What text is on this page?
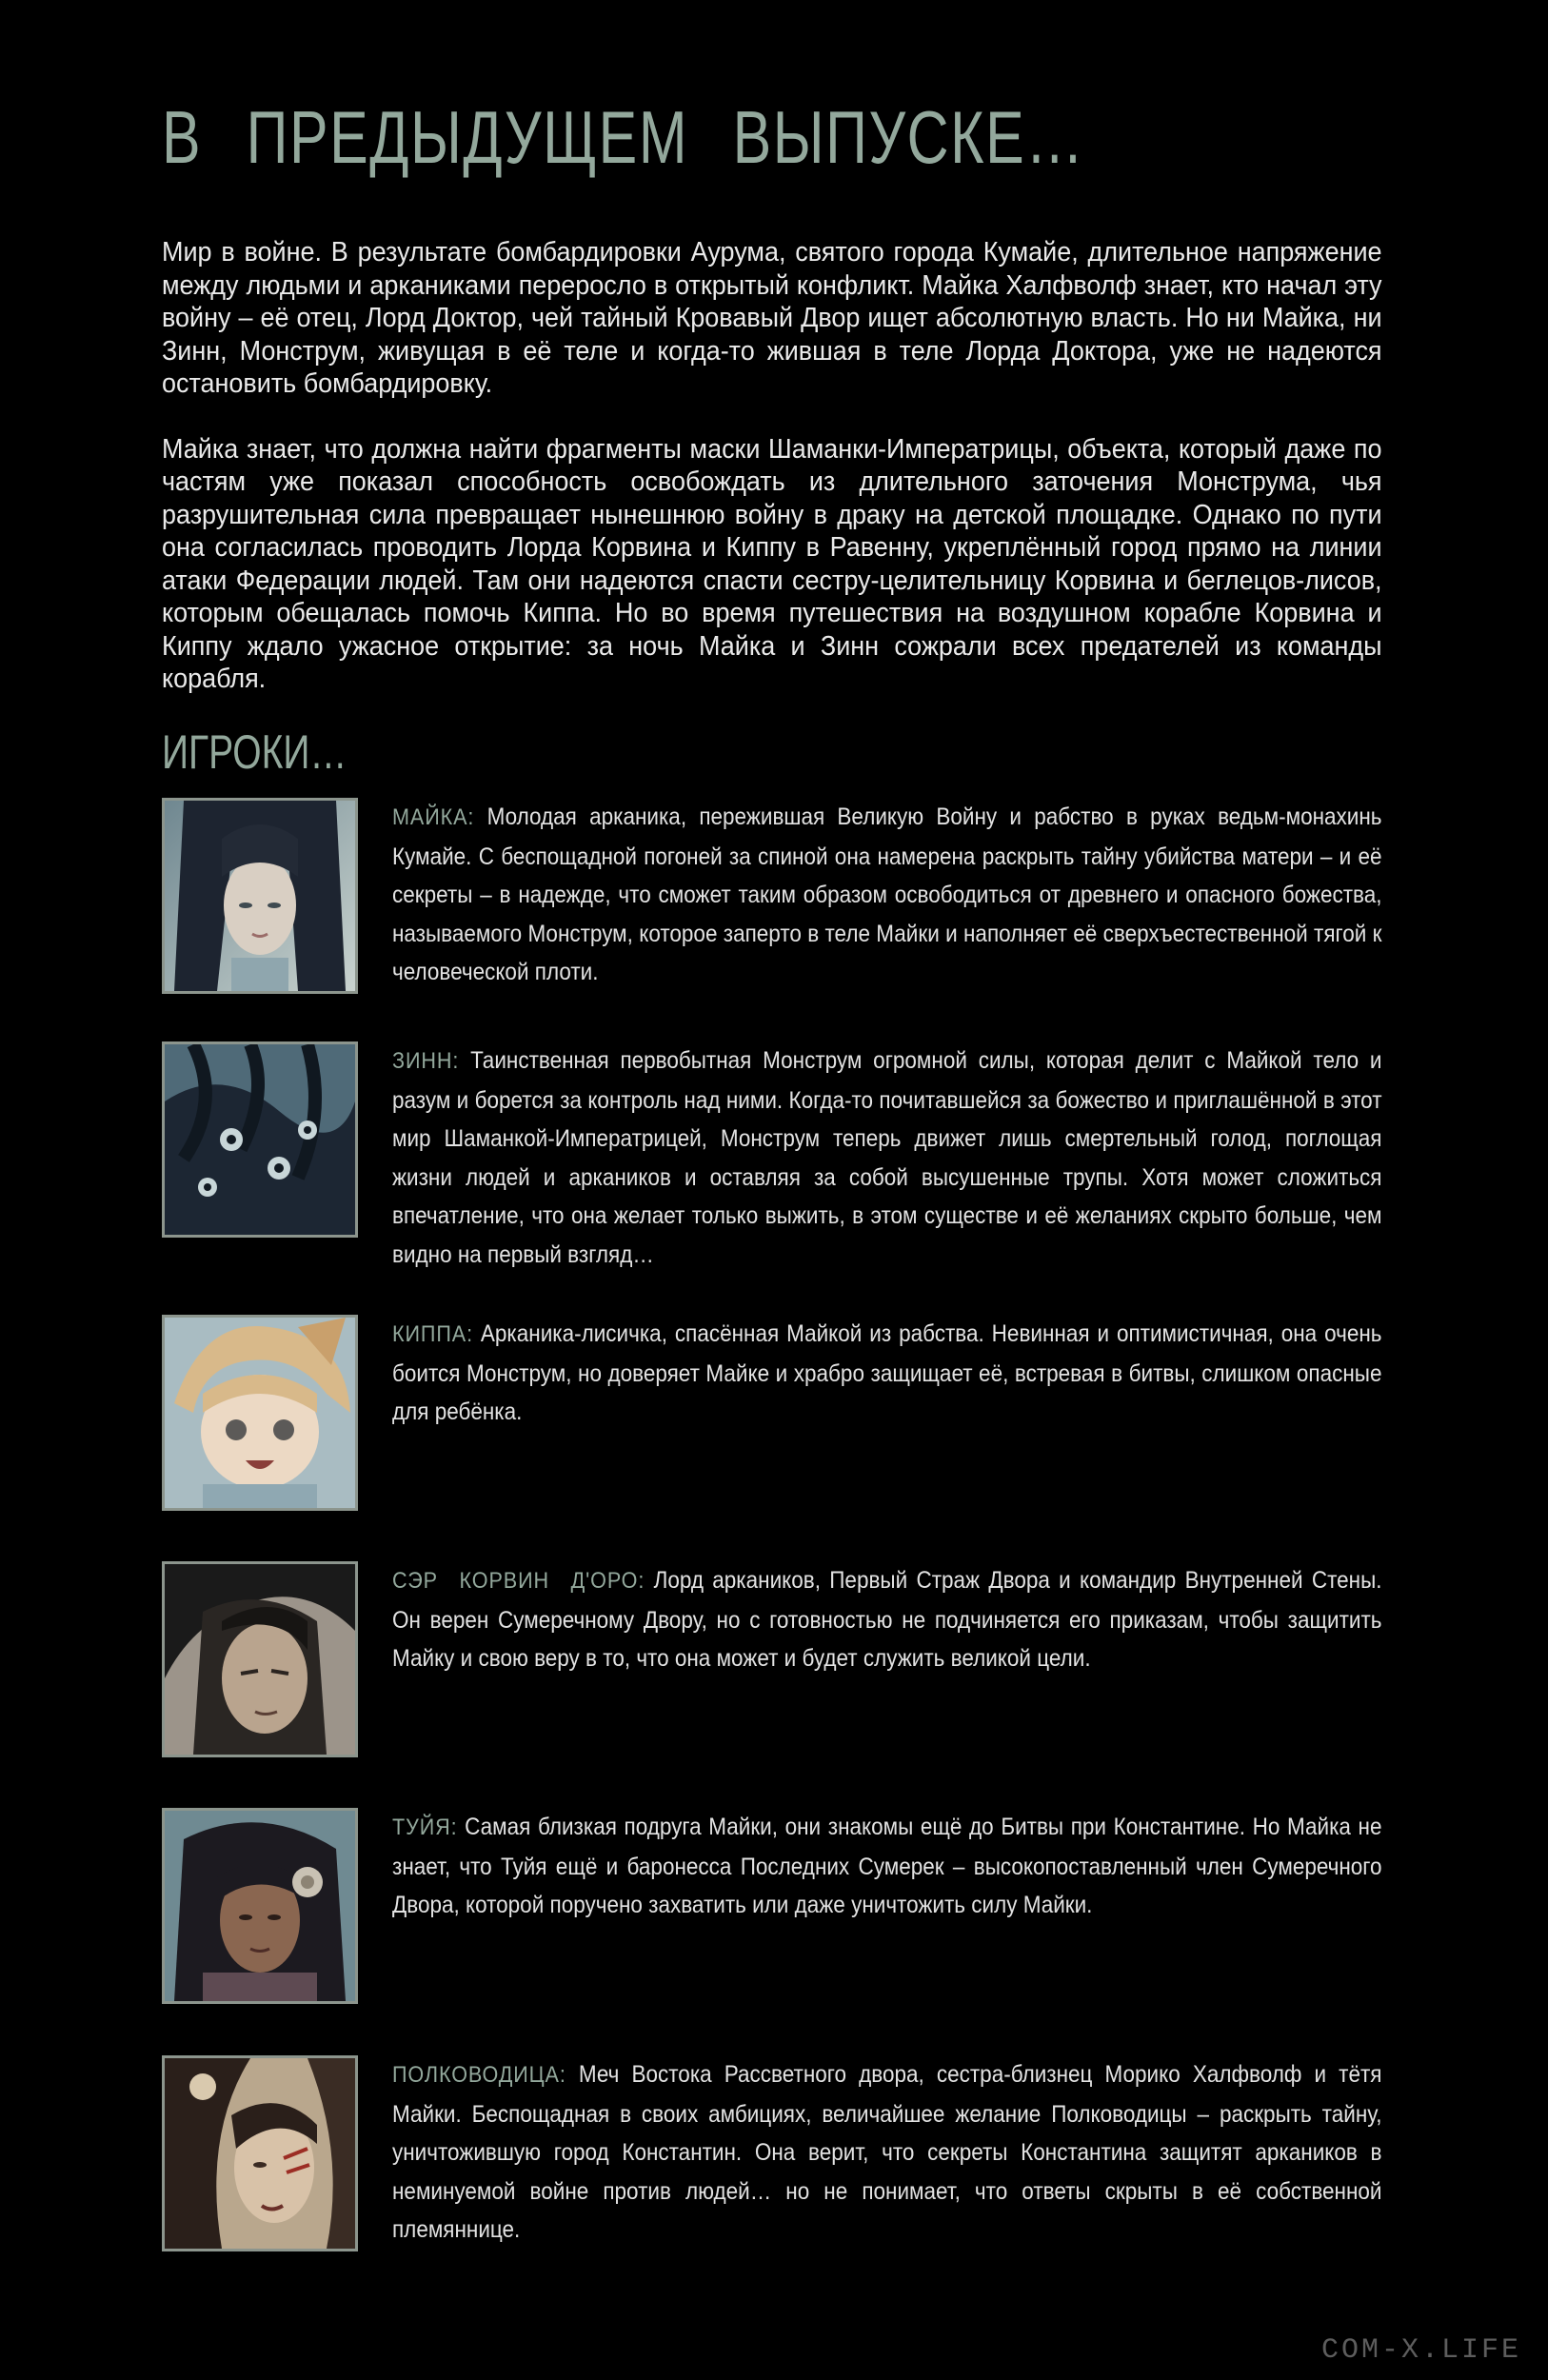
В ПРЕДЫДУЩЕМ ВЫПУСКЕ…

Мир в войне. В результате бомбардировки Аурума, святого города Кумайе, длительное напряжение между людьми и арканиками переросло в открытый конфликт. Майка Халфволф знает, кто начал эту войну – её отец, Лорд Доктор, чей тайный Кровавый Двор ищет абсолютную власть. Но ни Майка, ни Зинн, Монструм, живущая в её теле и когда-то жившая в теле Лорда Доктора, уже не надеются остановить бомбардировку.

Майка знает, что должна найти фрагменты маски Шаманки-Императрицы, объекта, который даже по частям уже показал способность освобождать из длительного заточения Монструма, чья разрушительная сила превращает нынешнюю войну в драку на детской площадке. Однако по пути она согласилась проводить Лорда Корвина и Киппу в Равенну, укреплённый город прямо на линии атаки Федерации людей. Там они надеются спасти сестру-целительницу Корвина и беглецов-лисов, которым обещалась помочь Киппа. Но во время путешествия на воздушном корабле Корвина и Киппу ждало ужасное открытие: за ночь Майка и Зинн сожрали всех предателей из команды корабля.

ИГРОКИ…
МАЙКА: Молодая арканика, пережившая Великую Войну и рабство в руках ведьм-монахинь Кумайе. С беспощадной погоней за спиной она намерена раскрыть тайну убийства матери – и её секреты – в надежде, что сможет таким образом освободиться от древнего и опасного божества, называемого Монструм, которое заперто в теле Майки и наполняет её сверхъестественной тягой к человеческой плоти.
ЗИНН: Таинственная первобытная Монструм огромной силы, которая делит с Майкой тело и разум и борется за контроль над ними. Когда-то почитавшейся за божество и приглашённой в этот мир Шаманкой-Императрицей, Монструм теперь движет лишь смертельный голод, поглощая жизни людей и аркаников и оставляя за собой высушенные трупы. Хотя может сложиться впечатление, что она желает только выжить, в этом существе и её желаниях скрыто больше, чем видно на первый взгляд…
КИППА: Арканика-лисичка, спасённая Майкой из рабства. Невинная и оптимистичная, она очень боится Монструм, но доверяет Майке и храбро защищает её, встревая в битвы, слишком опасные для ребёнка.
СЭР КОРВИН Д'ОРО: Лорд аркаников, Первый Страж Двора и командир Внутренней Стены. Он верен Сумеречному Двору, но с готовностью не подчиняется его приказам, чтобы защитить Майку и свою веру в то, что она может и будет служить великой цели.
ТУЙЯ: Самая близкая подруга Майки, они знакомы ещё до Битвы при Константине. Но Майка не знает, что Туйя ещё и баронесса Последних Сумерек – высокопоставленный член Сумеречного Двора, которой поручено захватить или даже уничтожить силу Майки.
ПОЛКОВОДИЦА: Меч Востока Рассветного двора, сестра-близнец Морико Халфволф и тётя Майки. Беспощадная в своих амбициях, величайшее желание Полководицы – раскрыть тайну, уничтожившую город Константин. Она верит, что секреты Константина защитят аркаников в неминуемой войне против людей… но не понимает, что ответы скрыты в её собственной племяннице.
COM-X.LIFE
